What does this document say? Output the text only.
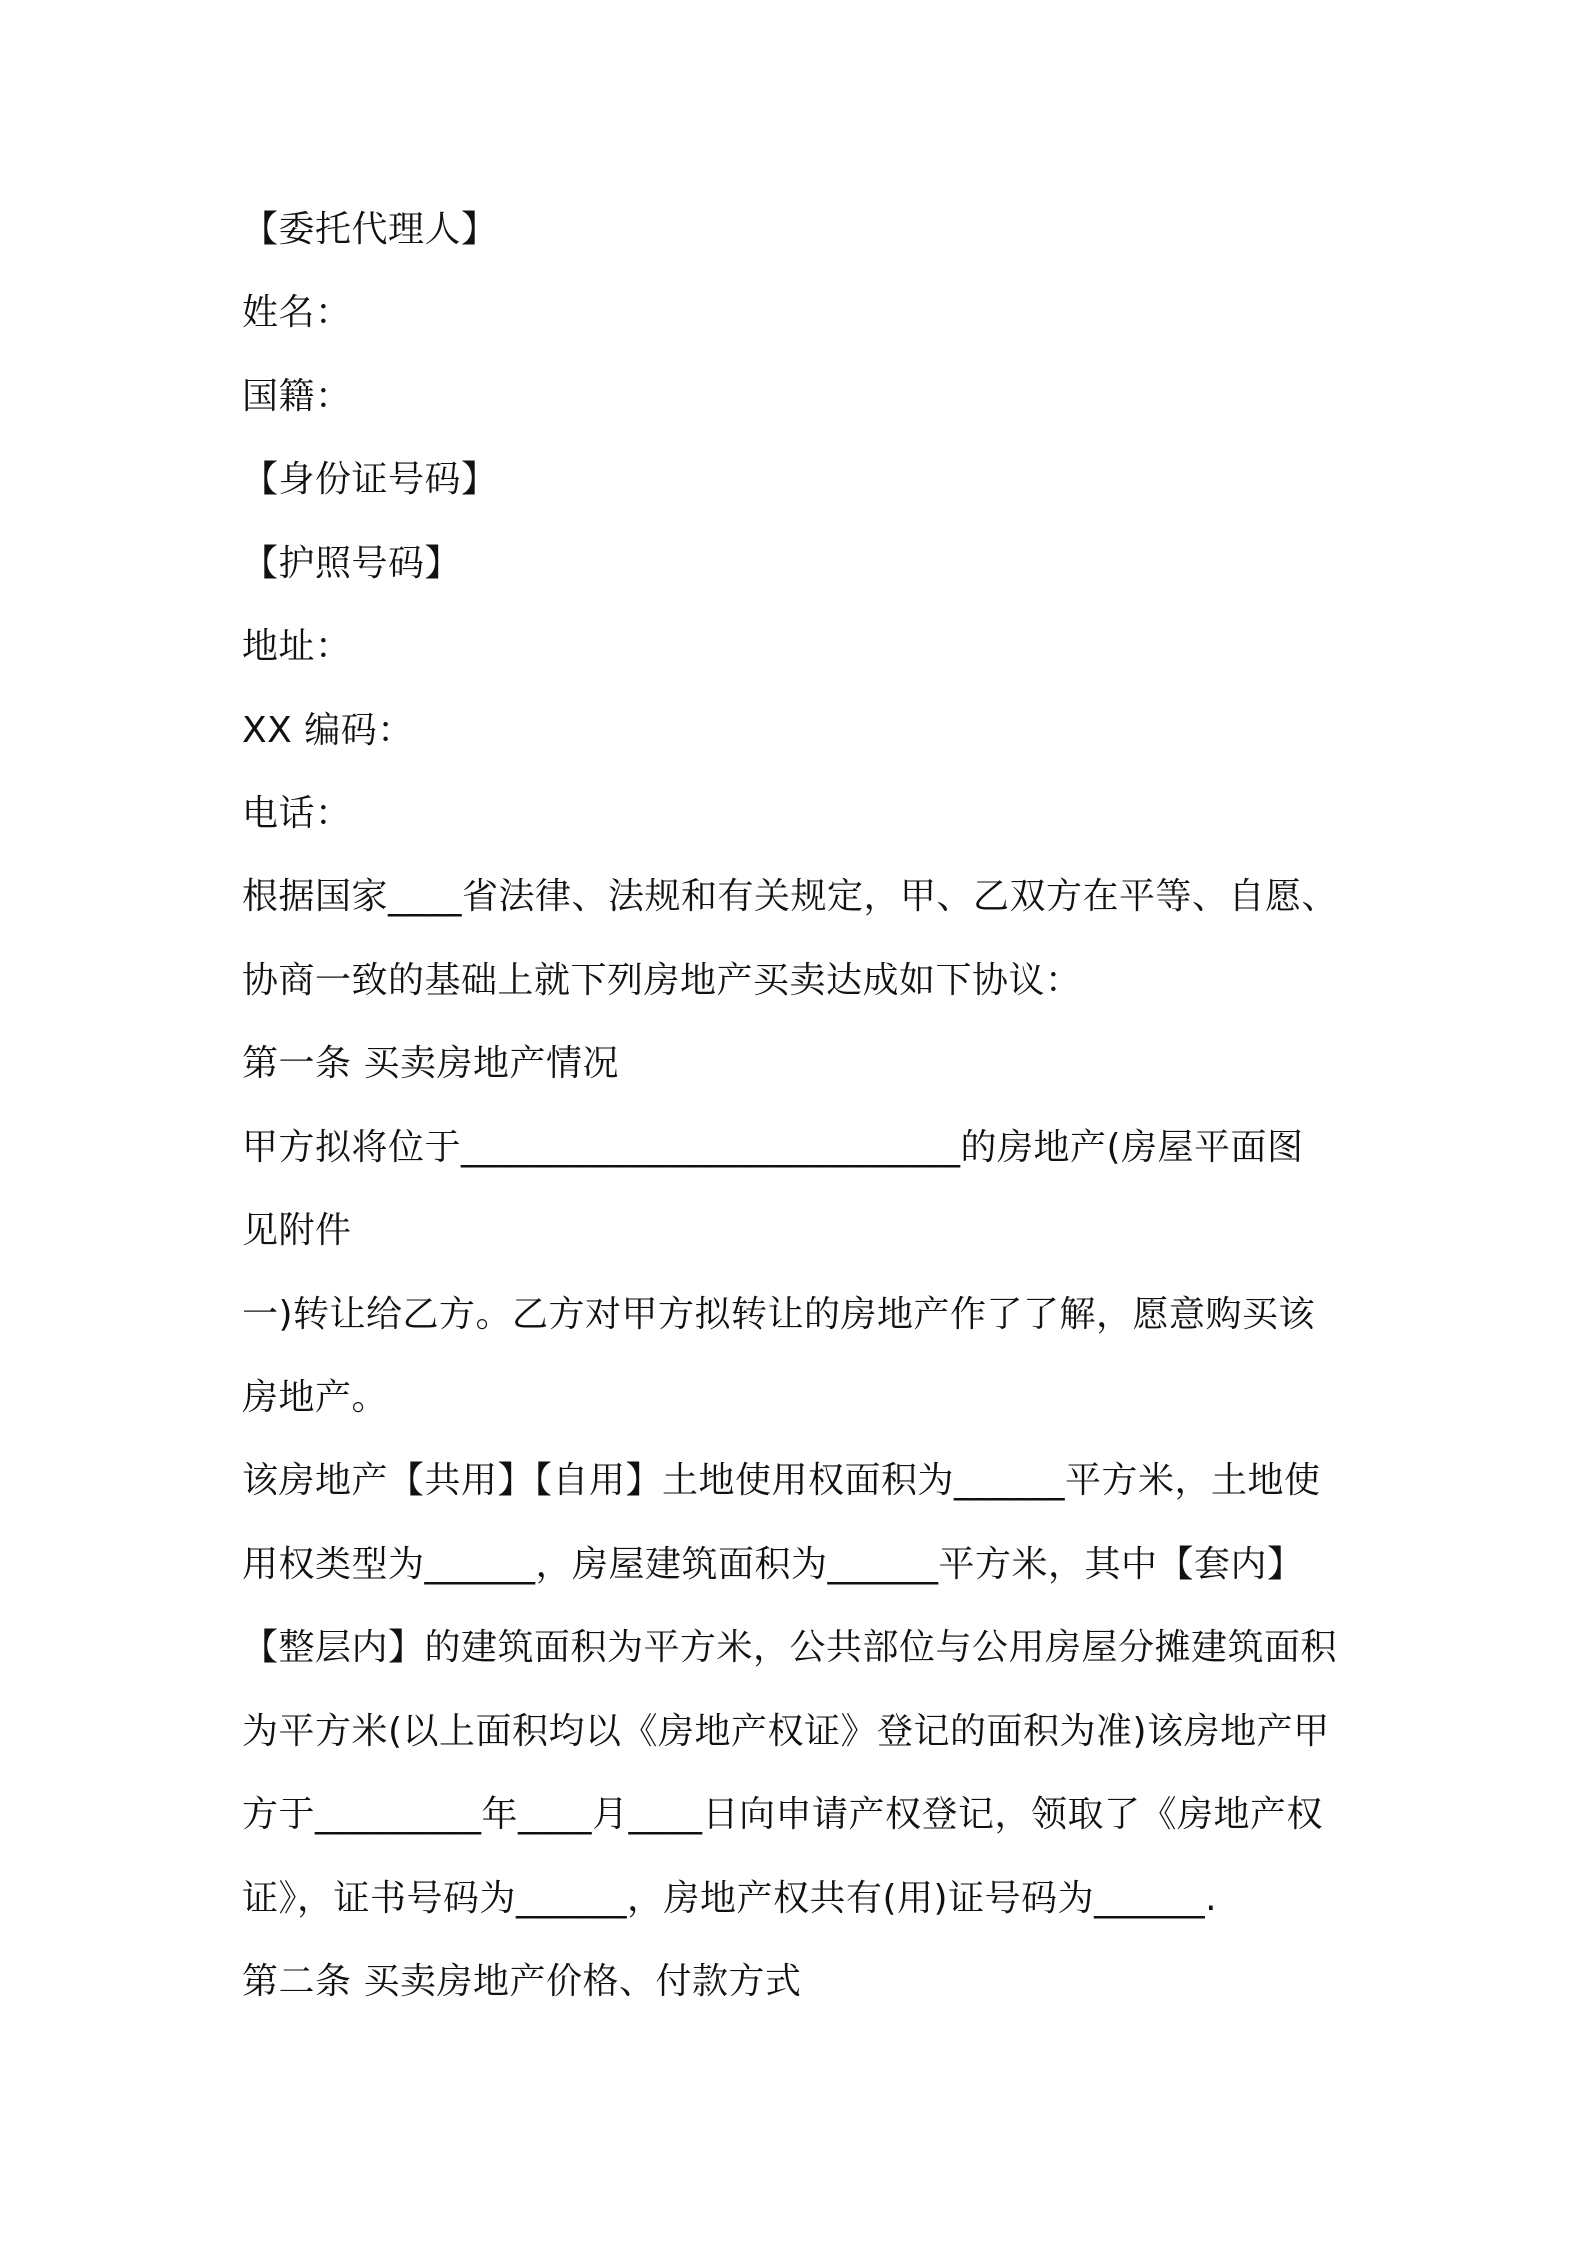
【委托代理人】
姓名：
国籍：
【身份证号码】
【护照号码】
地址：
XX 编码：
电话：
根据国家____省法律、法规和有关规定，甲、乙双方在平等、自愿、
协商一致的基础上就下列房地产买卖达成如下协议：
第一条 买卖房地产情况
甲方拟将位于___________________________的房地产(房屋平面图
见附件
一)转让给乙方。乙方对甲方拟转让的房地产作了了解，愿意购买该
房地产。
该房地产【共用】【自用】土地使用权面积为______平方米，土地使
用权类型为______，房屋建筑面积为______平方米，其中【套内】
【整层内】的建筑面积为平方米，公共部位与公用房屋分摊建筑面积
为平方米(以上面积均以《房地产权证》登记的面积为准)该房地产甲
方于_________年____月____日向申请产权登记，领取了《房地产权
证》，证书号码为______，房地产权共有(用)证号码为______.
第二条 买卖房地产价格、付款方式
